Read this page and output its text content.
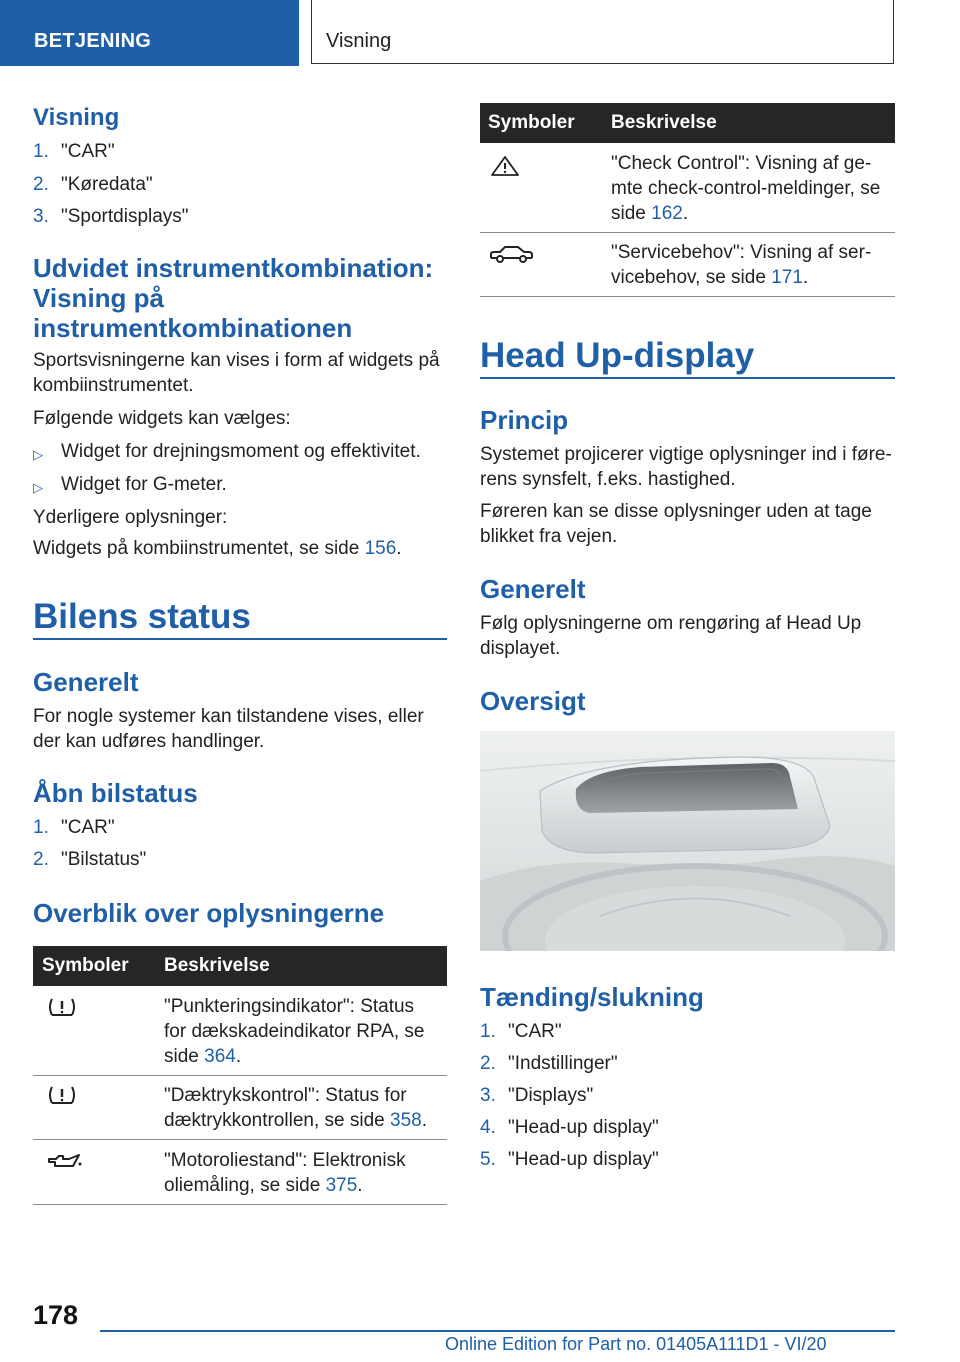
BETJENING	Visning
Visning
1. "CAR"
2. "Køredata"
3. "Sportdisplays"
Udvidet instrumentkombination:
Visning på
instrumentkombinationen
Sportsvisningerne kan vises i form af widgets på
kombiinstrumentet.
Følgende widgets kan vælges:
▷ Widget for drejningsmoment og effektivitet.
▷ Widget for G-meter.
Yderligere oplysninger:
Widgets på kombiinstrumentet, se side 156.
Bilens status
Generelt
For nogle systemer kan tilstandene vises, eller
der kan udføres handlinger.
Åbn bilstatus
1. "CAR"
2. "Bilstatus"
Overblik over oplysningerne
Symboler Beskrivelse
"Punkteringsindikator": Status
for dækskadeindikator RPA, se
side 364.
"Dæktrykskontrol": Status for
dæktrykkontrollen, se side 358.
"Motoroliestand": Elektronisk
oliemåling, se side 375.
Symboler Beskrivelse
"Check Control": Visning af ge-
mte check-control-meldinger, se
side 162.
"Servicebehov": Visning af ser-
vicebehov, se side 171.
Head Up-display
Princip
Systemet projicerer vigtige oplysninger ind i føre-
rens synsfelt, f.eks. hastighed.
Føreren kan se disse oplysninger uden at tage
blikket fra vejen.
Generelt
Følg oplysningerne om rengøring af Head Up
displayet.
Oversigt
Tænding/slukning
1. "CAR"
2. "Indstillinger"
3. "Displays"
4. "Head-up display"
5. "Head-up display"
178
Online Edition for Part no. 01405A111D1 - VI/20
